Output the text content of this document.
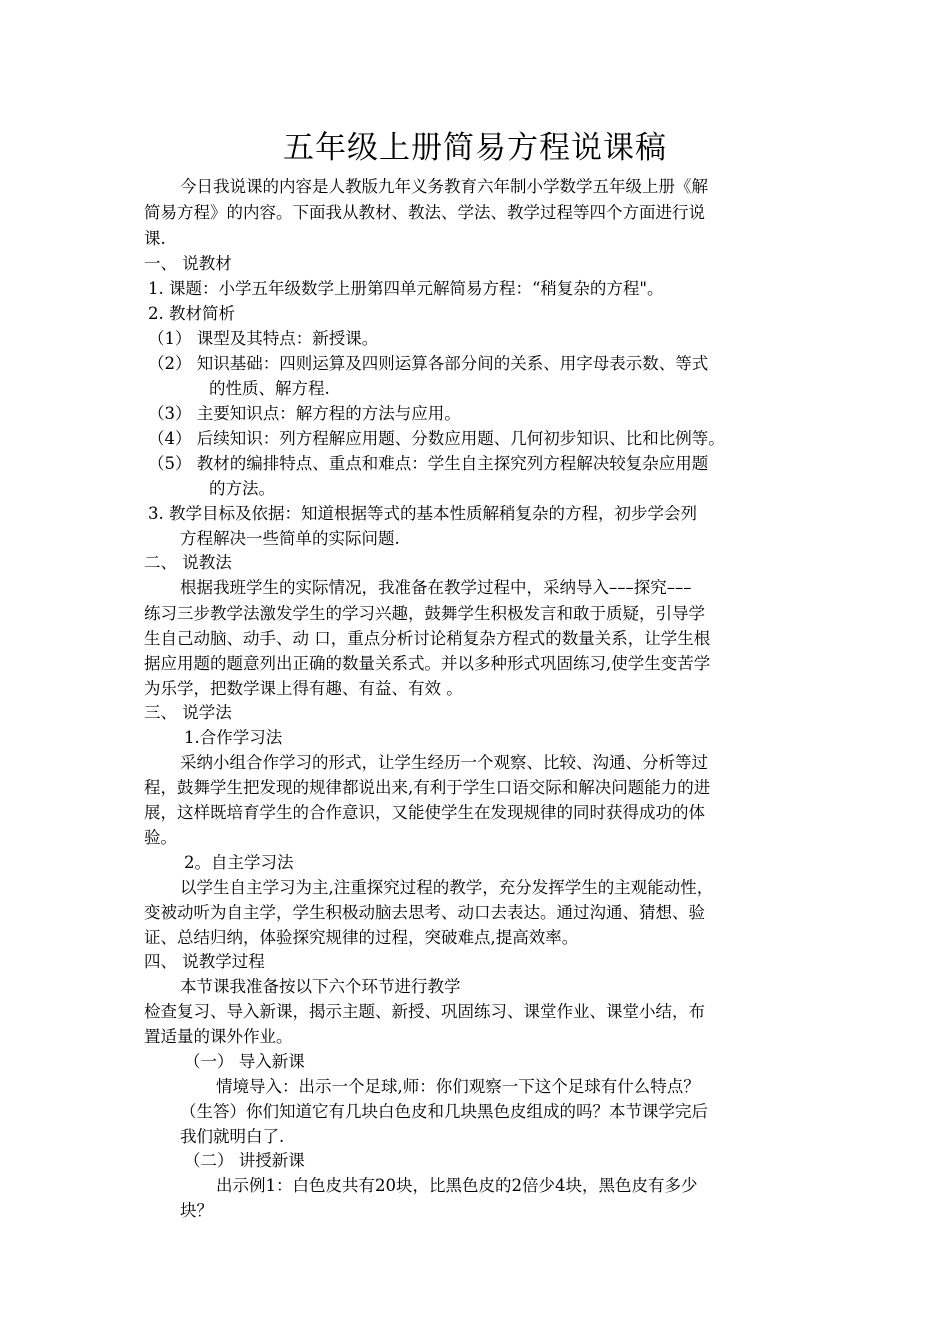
五年级上册简易方程说课稿
今日我说课的内容是人教版九年义务教育六年制小学数学五年级上册《解
简易方程》的内容。下面我从教材、教法、学法、教学过程等四个方面进行说
课.
一、 说教材
1. 课题：小学五年级数学上册第四单元解简易方程：“稍复杂的方程"。
2. 教材简析
（1） 课型及其特点：新授课。
（2） 知识基础：四则运算及四则运算各部分间的关系、用字母表示数、等式
的性质、解方程.
（3） 主要知识点：解方程的方法与应用。
（4） 后续知识：列方程解应用题、分数应用题、几何初步知识、比和比例等。
（5） 教材的编排特点、重点和难点：学生自主探究列方程解决较复杂应用题
的方法。
3. 教学目标及依据：知道根据等式的基本性质解稍复杂的方程，初步学会列
方程解决一些简单的实际问题.
二、 说教法
根据我班学生的实际情况，我准备在教学过程中，采纳导入–––探究–––
练习三步教学法激发学生的学习兴趣，鼓舞学生积极发言和敢于质疑，引导学
生自己动脑、动手、动 口，重点分析讨论稍复杂方程式的数量关系，让学生根
据应用题的题意列出正确的数量关系式。并以多种形式巩固练习,使学生变苦学
为乐学，把数学课上得有趣、有益、有效 。
三、 说学法
1.合作学习法
采纳小组合作学习的形式，让学生经历一个观察、比较、沟通、分析等过
程，鼓舞学生把发现的规律都说出来,有利于学生口语交际和解决问题能力的进
展，这样既培育学生的合作意识，又能使学生在发现规律的同时获得成功的体
验。
2。自主学习法
以学生自主学习为主,注重探究过程的教学，充分发挥学生的主观能动性，
变被动听为自主学，学生积极动脑去思考、动口去表达。通过沟通、猜想、验
证、总结归纳，体验探究规律的过程，突破难点,提高效率。
四、 说教学过程
本节课我准备按以下六个环节进行教学
检查复习、导入新课，揭示主题、新授、巩固练习、课堂作业、课堂小结，布
置适量的课外作业。
（一） 导入新课
情境导入：出示一个足球,师：你们观察一下这个足球有什么特点？
（生答）你们知道它有几块白色皮和几块黑色皮组成的吗？本节课学完后
我们就明白了.
（二） 讲授新课
出示例1：白色皮共有20块，比黑色皮的2倍少4块，黑色皮有多少
块？
